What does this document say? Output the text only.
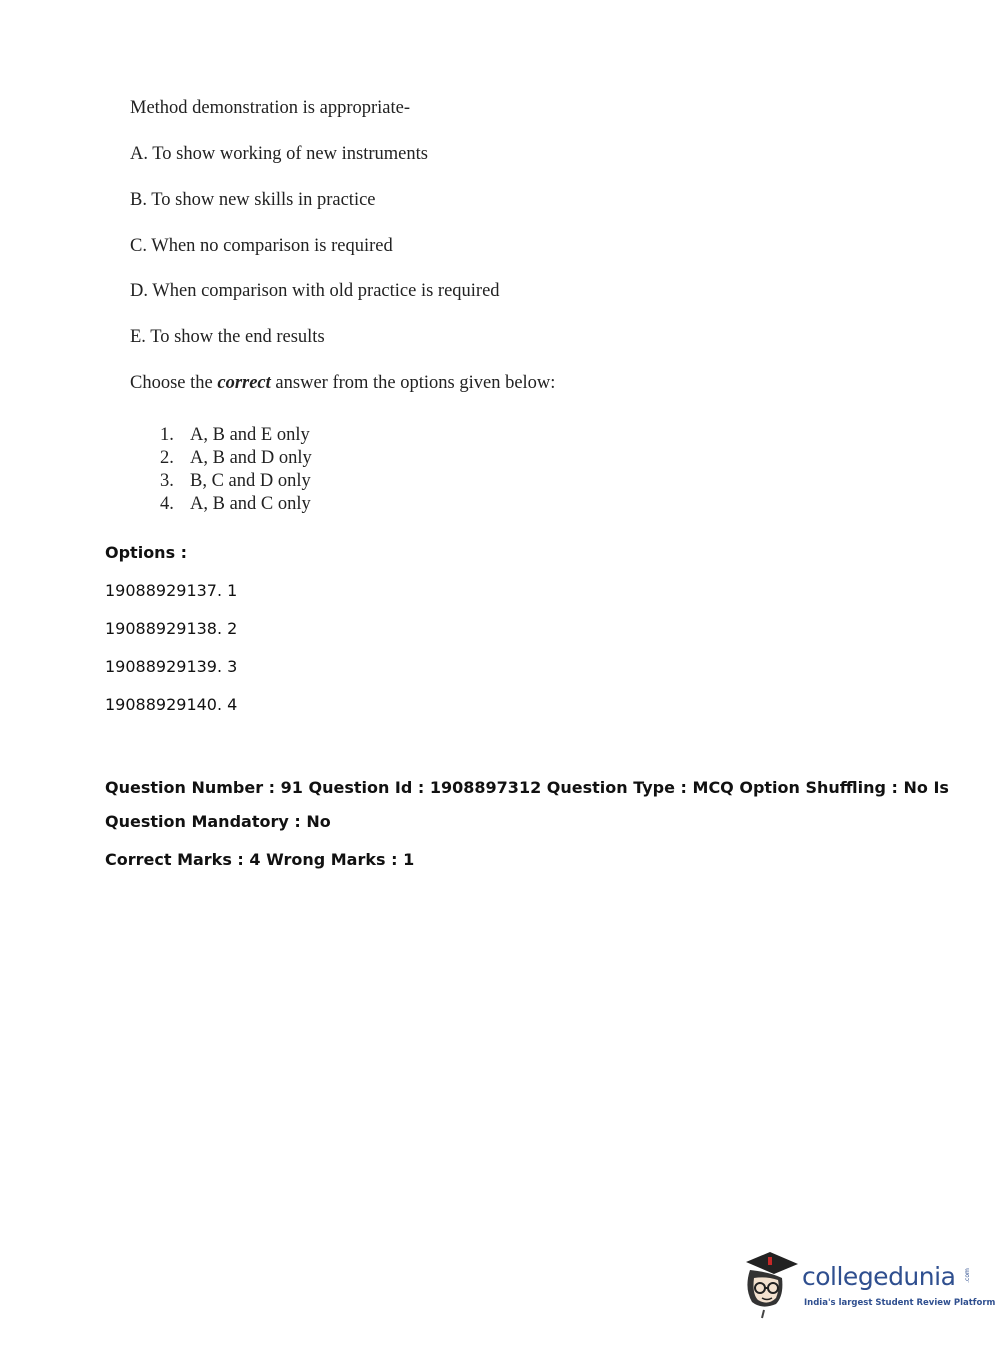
Method demonstration is appropriate-
A. To show working of new instruments
B. To show new skills in practice
C. When no comparison is required
D. When comparison with old practice is required
E. To show the end results
Choose the correct answer from the options given below:
1. A, B and E only
2. A, B and D only
3. B, C and D only
4. A, B and C only
Options :
19088929137. 1
19088929138. 2
19088929139. 3
19088929140. 4
Question Number : 91 Question Id : 1908897312 Question Type : MCQ Option Shuffling : No Is
Question Mandatory : No
Correct Marks : 4 Wrong Marks : 1
collegedunia .com
India's largest Student Review Platform
